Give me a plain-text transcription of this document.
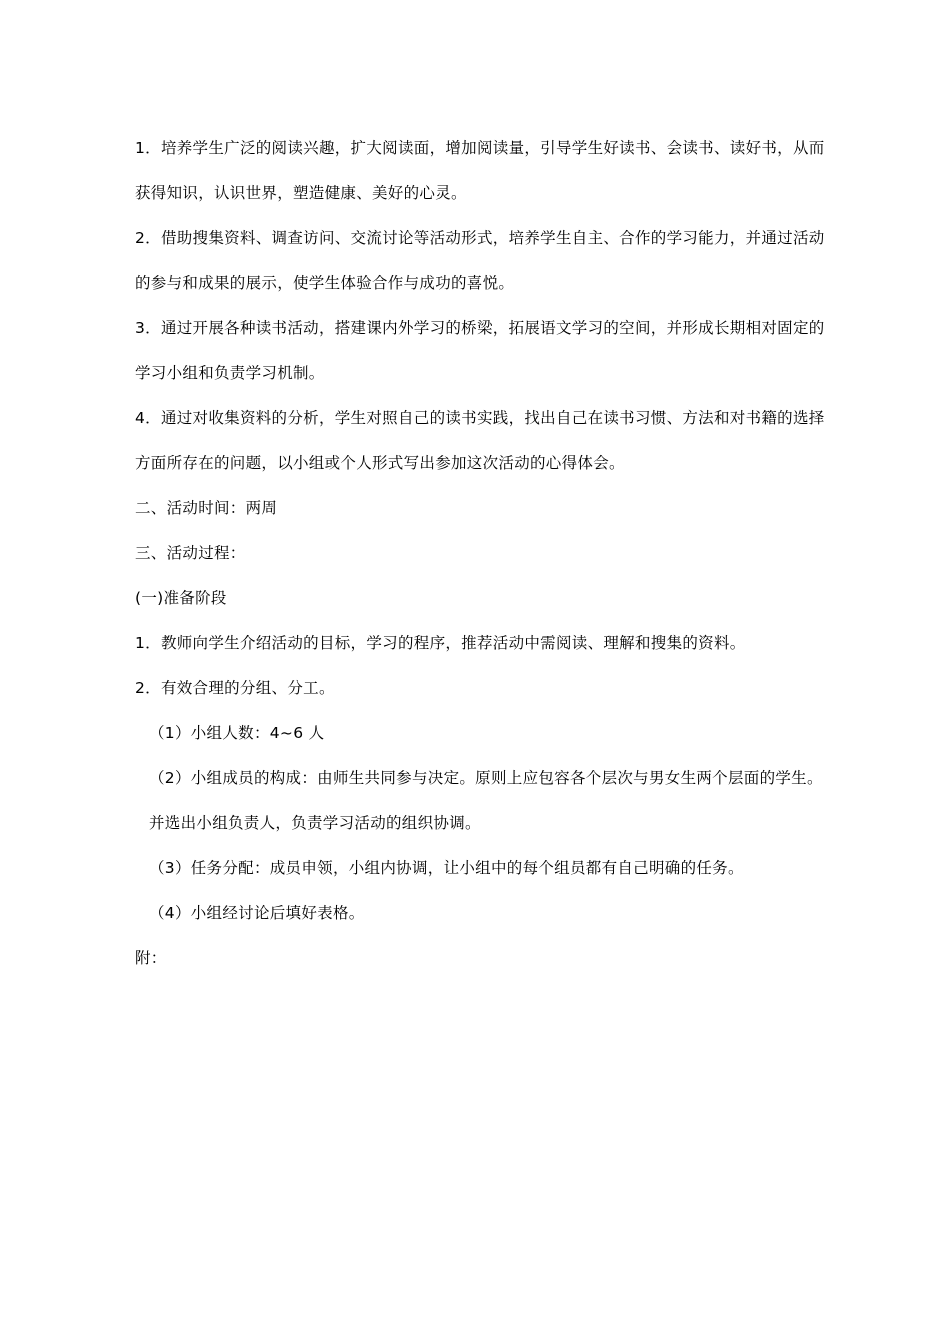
1．培养学生广泛的阅读兴趣，扩大阅读面，增加阅读量，引导学生好读书、会读书、读好书，从而获得知识，认识世界，塑造健康、美好的心灵。

2．借助搜集资料、调查访问、交流讨论等活动形式，培养学生自主、合作的学习能力，并通过活动的参与和成果的展示，使学生体验合作与成功的喜悦。

3．通过开展各种读书活动，搭建课内外学习的桥梁，拓展语文学习的空间，并形成长期相对固定的学习小组和负责学习机制。

4．通过对收集资料的分析，学生对照自己的读书实践，找出自己在读书习惯、方法和对书籍的选择方面所存在的问题，以小组或个人形式写出参加这次活动的心得体会。

二、活动时间：两周

三、活动过程：

(一)准备阶段

1．教师向学生介绍活动的目标，学习的程序，推荐活动中需阅读、理解和搜集的资料。

2．有效合理的分组、分工。

（1）小组人数：4~6 人

（2）小组成员的构成：由师生共同参与决定。原则上应包容各个层次与男女生两个层面的学生。并选出小组负责人，负责学习活动的组织协调。

（3）任务分配：成员申领，小组内协调，让小组中的每个组员都有自己明确的任务。

（4）小组经讨论后填好表格。

附：
